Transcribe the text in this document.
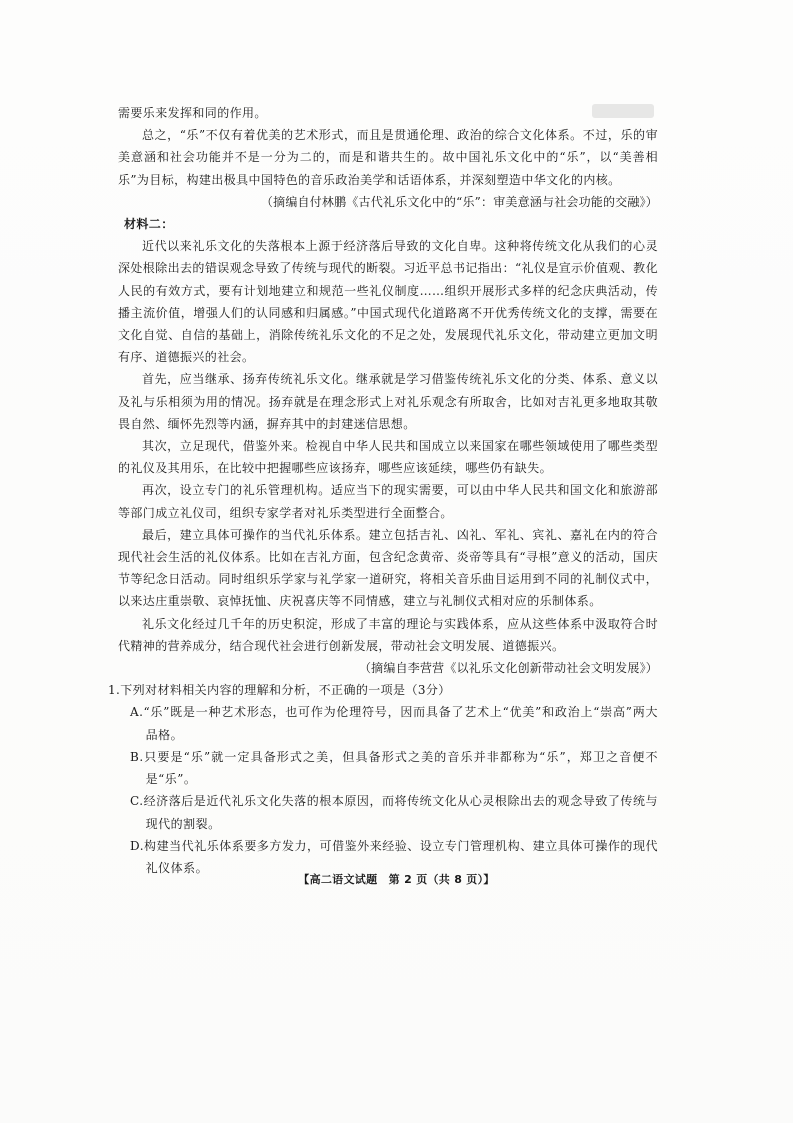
需要乐来发挥和同的作用。

总之，“乐”不仅有着优美的艺术形式，而且是贯通伦理、政治的综合文化体系。不过，乐的审美意涵和社会功能并不是一分为二的，而是和谐共生的。故中国礼乐文化中的“乐”，以“美善相乐”为目标，构建出极具中国特色的音乐政治美学和话语体系，并深刻塑造中华文化的内核。

（摘编自付林鹏《古代礼乐文化中的“乐”：审美意涵与社会功能的交融》）

材料二：

近代以来礼乐文化的失落根本上源于经济落后导致的文化自卑。这种将传统文化从我们的心灵深处根除出去的错误观念导致了传统与现代的断裂。习近平总书记指出：“礼仪是宣示价值观、教化人民的有效方式，要有计划地建立和规范一些礼仪制度……组织开展形式多样的纪念庆典活动，传播主流价值，增强人们的认同感和归属感。”中国式现代化道路离不开优秀传统文化的支撑，需要在文化自觉、自信的基础上，消除传统礼乐文化的不足之处，发展现代礼乐文化，带动建立更加文明有序、道德振兴的社会。

首先，应当继承、扬弃传统礼乐文化。继承就是学习借鉴传统礼乐文化的分类、体系、意义以及礼与乐相须为用的情况。扬弃就是在理念形式上对礼乐观念有所取舍，比如对吉礼更多地取其敬畏自然、缅怀先烈等内涵，摒弃其中的封建迷信思想。

其次，立足现代，借鉴外来。检视自中华人民共和国成立以来国家在哪些领域使用了哪些类型的礼仪及其用乐，在比较中把握哪些应该扬弃，哪些应该延续，哪些仍有缺失。

再次，设立专门的礼乐管理机构。适应当下的现实需要，可以由中华人民共和国文化和旅游部等部门成立礼仪司，组织专家学者对礼乐类型进行全面整合。

最后，建立具体可操作的当代礼乐体系。建立包括吉礼、凶礼、军礼、宾礼、嘉礼在内的符合现代社会生活的礼仪体系。比如在吉礼方面，包含纪念黄帝、炎帝等具有“寻根”意义的活动，国庆节等纪念日活动。同时组织乐学家与礼学家一道研究，将相关音乐曲目运用到不同的礼制仪式中，以来达庄重崇敬、哀悼抚恤、庆祝喜庆等不同情感，建立与礼制仪式相对应的乐制体系。

礼乐文化经过几千年的历史积淀，形成了丰富的理论与实践体系，应从这些体系中汲取符合时代精神的营养成分，结合现代社会进行创新发展，带动社会文明发展、道德振兴。

（摘编自李营营《以礼乐文化创新带动社会文明发展》）

1.下列对材料相关内容的理解和分析，不正确的一项是（3分）

A.“乐”既是一种艺术形态，也可作为伦理符号，因而具备了艺术上“优美”和政治上“崇高”两大品格。

B.只要是“乐”就一定具备形式之美，但具备形式之美的音乐并非都称为“乐”，郑卫之音便不是“乐”。

C.经济落后是近代礼乐文化失落的根本原因，而将传统文化从心灵根除出去的观念导致了传统与现代的割裂。

D.构建当代礼乐体系要多方发力，可借鉴外来经验、设立专门管理机构、建立具体可操作的现代礼仪体系。

【高二语文试题　第 2 页（共 8 页）】
